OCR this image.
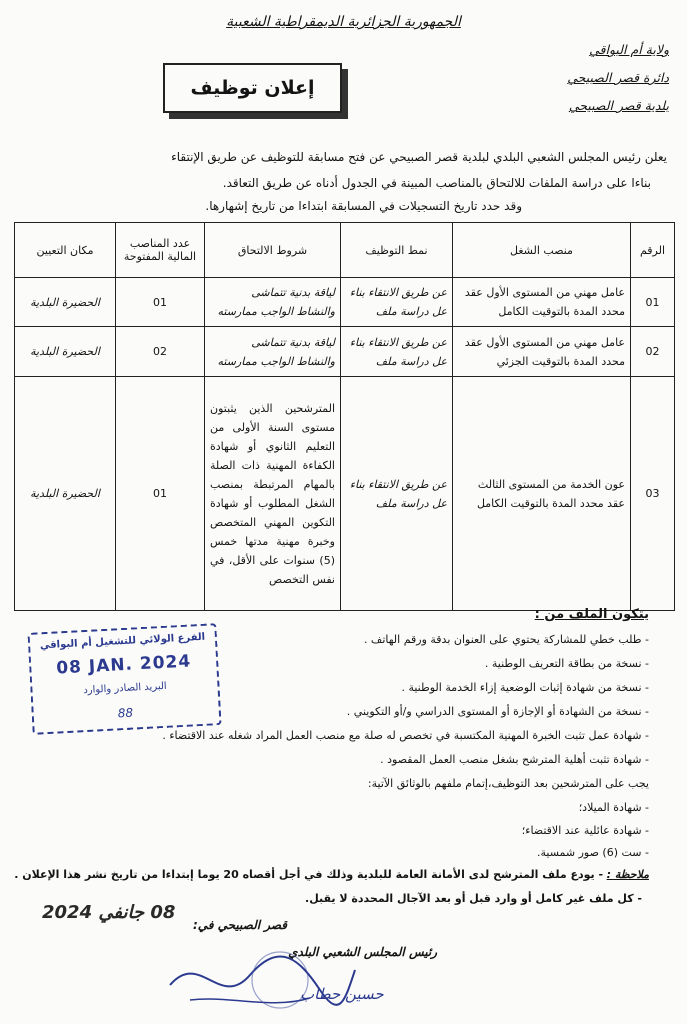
الجمهورية الجزائرية الديمقراطية الشعبية
ولاية أم البواقي
دائرة قصر الصبيحي
بلدية قصر الصبيحي
إعلان توظيف
يعلن رئيس المجلس الشعبي البلدي لبلدية قصر الصبيحي عن فتح مسابقة للتوظيف عن طريق الإنتقاء
بناءا على دراسة الملفات للالتحاق بالمناصب المبينة في الجدول أدناه عن طريق التعاقد.
وقد حدد تاريخ التسجيلات في المسابقة ابتداءا من تاريخ إشهارها.
الرقم	منصب الشغل	نمط التوظيف	شروط الالتحاق	عدد المناصب المالية المفتوحة	مكان التعيين
01	عامل مهني من المستوى الأول عقد محدد المدة بالتوقيت الكامل	عن طريق الانتقاء بناء عل دراسة ملف	لياقة بدنية تتماشى والنشاط الواجب ممارسته	01	الحضيرة البلدية
02	عامل مهني من المستوى الأول عقد محدد المدة بالتوقيت الجزئي	عن طريق الانتقاء بناء عل دراسة ملف	لياقة بدنية تتماشى والنشاط الواجب ممارسته	02	الحضيرة البلدية
03	عون الخدمة من المستوى الثالث عقد محدد المدة بالتوقيت الكامل	عن طريق الانتقاء بناء عل دراسة ملف	المترشحين الذين يثبتون مستوى السنة الأولى من التعليم الثانوي أو شهادة الكفاءة المهنية ذات الصلة بالمهام المرتبطة بمنصب الشغل المطلوب أو شهادة التكوين المهني المتخصص وخبرة مهنية مدتها خمس (5) سنوات على الأقل، في نفس التخصص	01	الحضيرة البلدية
يتكون الملف من :
- طلب خطي للمشاركة يحتوي على العنوان بدقة ورقم الهاتف .
- نسخة من بطاقة التعريف الوطنية .
- نسخة من شهادة إثبات الوضعية إزاء الخدمة الوطنية .
- نسخة من الشهادة أو الإجازة أو المستوى الدراسي و/أو التكويني .
- شهادة عمل تثبت الخبرة المهنية المكتسبة في تخصص له صلة مع منصب العمل المراد شغله عند الاقتضاء .
- شهادة تثبت أهلية المترشح بشغل منصب العمل المقصود .
يجب على المترشحين بعد التوظيف،إتمام ملفهم بالوثائق الآتية:
- شهادة الميلاد؛
- شهادة عائلية عند الاقتضاء؛
- ست (6) صور شمسية.
ملاحظة : - يودع ملف المترشح لدى الأمانة العامة للبلدية وذلك في أجل أقصاه 20 يوما إبتداءا من تاريخ نشر هذا الإعلان .
- كل ملف غير كامل أو وارد قبل أو بعد الآجال المحددة لا يقبل.
قصر الصبيحي في:
08 جانفي 2024
رئيس المجلس الشعبي البلدي
حسين حطاب
الفرع الولائي للتشغيل أم البواقي
08 JAN. 2024
البريد الصادر والوارد
88
